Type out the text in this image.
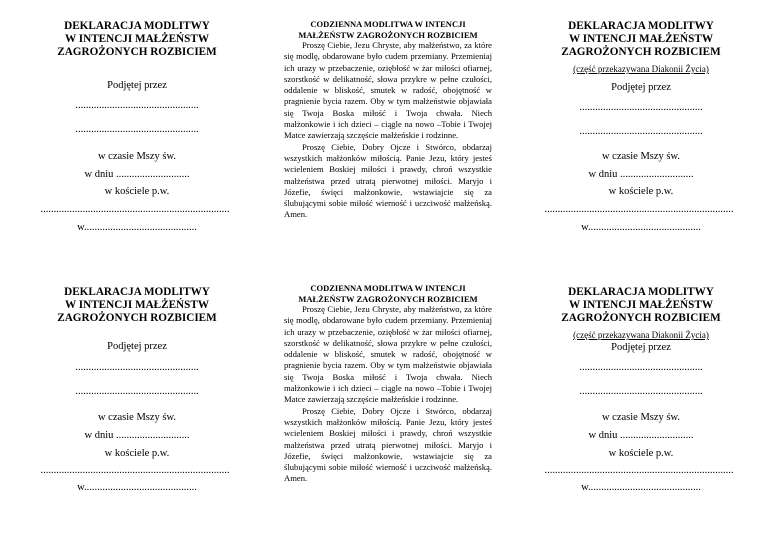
DEKLARACJA MODLITWY
W INTENCJI MAŁŻEŃSTW
ZAGROŻONYCH ROZBICIEM
Podjętej przez
...............................................
...............................................
w czasie Mszy św.
w dniu ............................
w kościele p.w.
........................................................................
w...........................................
CODZIENNA MODLITWA W INTENCJI
MAŁŻEŃSTW ZAGROŻONYCH ROZBICIEM

Proszę Ciebie, Jezu Chryste, aby małżeństwo, za które się modlę, obdarowane było cudem przemiany. Przemieniaj ich urazy w przebaczenie, oziębłość w żar miłości ofiarnej, szorstkość w delikatność, słowa przykre w pełne czułości, oddalenie w bliskość, smutek w radość, obojętność w pragnienie bycia razem. Oby w tym małżeństwie objawiała się Twoja Boska miłość i Twoja chwała. Niech małżonkowie i ich dzieci – ciągle na nowo –Tobie i Twojej Matce zawierzają szczęście małżeńskie i rodzinne.

Proszę Ciebie, Dobry Ojcze i Stwórco, obdarzaj wszystkich małżonków miłością. Panie Jezu, który jesteś wcieleniem Boskiej miłości i prawdy, chroń wszystkie małżeństwa przed utratą pierwotnej miłości. Maryjo i Józefie, święci małżonkowie, wstawiajcie się za ślubującymi sobie miłość wierność i uczciwość małżeńską. Amen.

DEKLARACJA MODLITWY
W INTENCJI MAŁŻEŃSTW
ZAGROŻONYCH ROZBICIEM
(część przekazywana Diakonii Życia)
Podjętej przez
...............................................
...............................................
w czasie Mszy św.
w dniu ............................
w kościele p.w.
........................................................................
w...........................................
DEKLARACJA MODLITWY
W INTENCJI MAŁŻEŃSTW
ZAGROŻONYCH ROZBICIEM
Podjętej przez
...............................................
...............................................
w czasie Mszy św.
w dniu ............................
w kościele p.w.
........................................................................
w...........................................
CODZIENNA MODLITWA W INTENCJI
MAŁŻEŃSTW ZAGROŻONYCH ROZBICIEM

Proszę Ciebie, Jezu Chryste, aby małżeństwo, za które się modlę, obdarowane było cudem przemiany. Przemieniaj ich urazy w przebaczenie, oziębłość w żar miłości ofiarnej, szorstkość w delikatność, słowa przykre w pełne czułości, oddalenie w bliskość, smutek w radość, obojętność w pragnienie bycia razem. Oby w tym małżeństwie objawiała się Twoja Boska miłość i Twoja chwała. Niech małżonkowie i ich dzieci – ciągle na nowo –Tobie i Twojej Matce zawierzają szczęście małżeńskie i rodzinne.

Proszę Ciebie, Dobry Ojcze i Stwórco, obdarzaj wszystkich małżonków miłością. Panie Jezu, który jesteś wcieleniem Boskiej miłości i prawdy, chroń wszystkie małżeństwa przed utratą pierwotnej miłości. Maryjo i Józefie, święci małżonkowie, wstawiajcie się za ślubującymi sobie miłość wierność i uczciwość małżeńską. Amen.

DEKLARACJA MODLITWY
W INTENCJI MAŁŻEŃSTW
ZAGROŻONYCH ROZBICIEM
(część przekazywana Diakonii Życia)
Podjętej przez
...............................................
...............................................
w czasie Mszy św.
w dniu ............................
w kościele p.w.
........................................................................
w...........................................
